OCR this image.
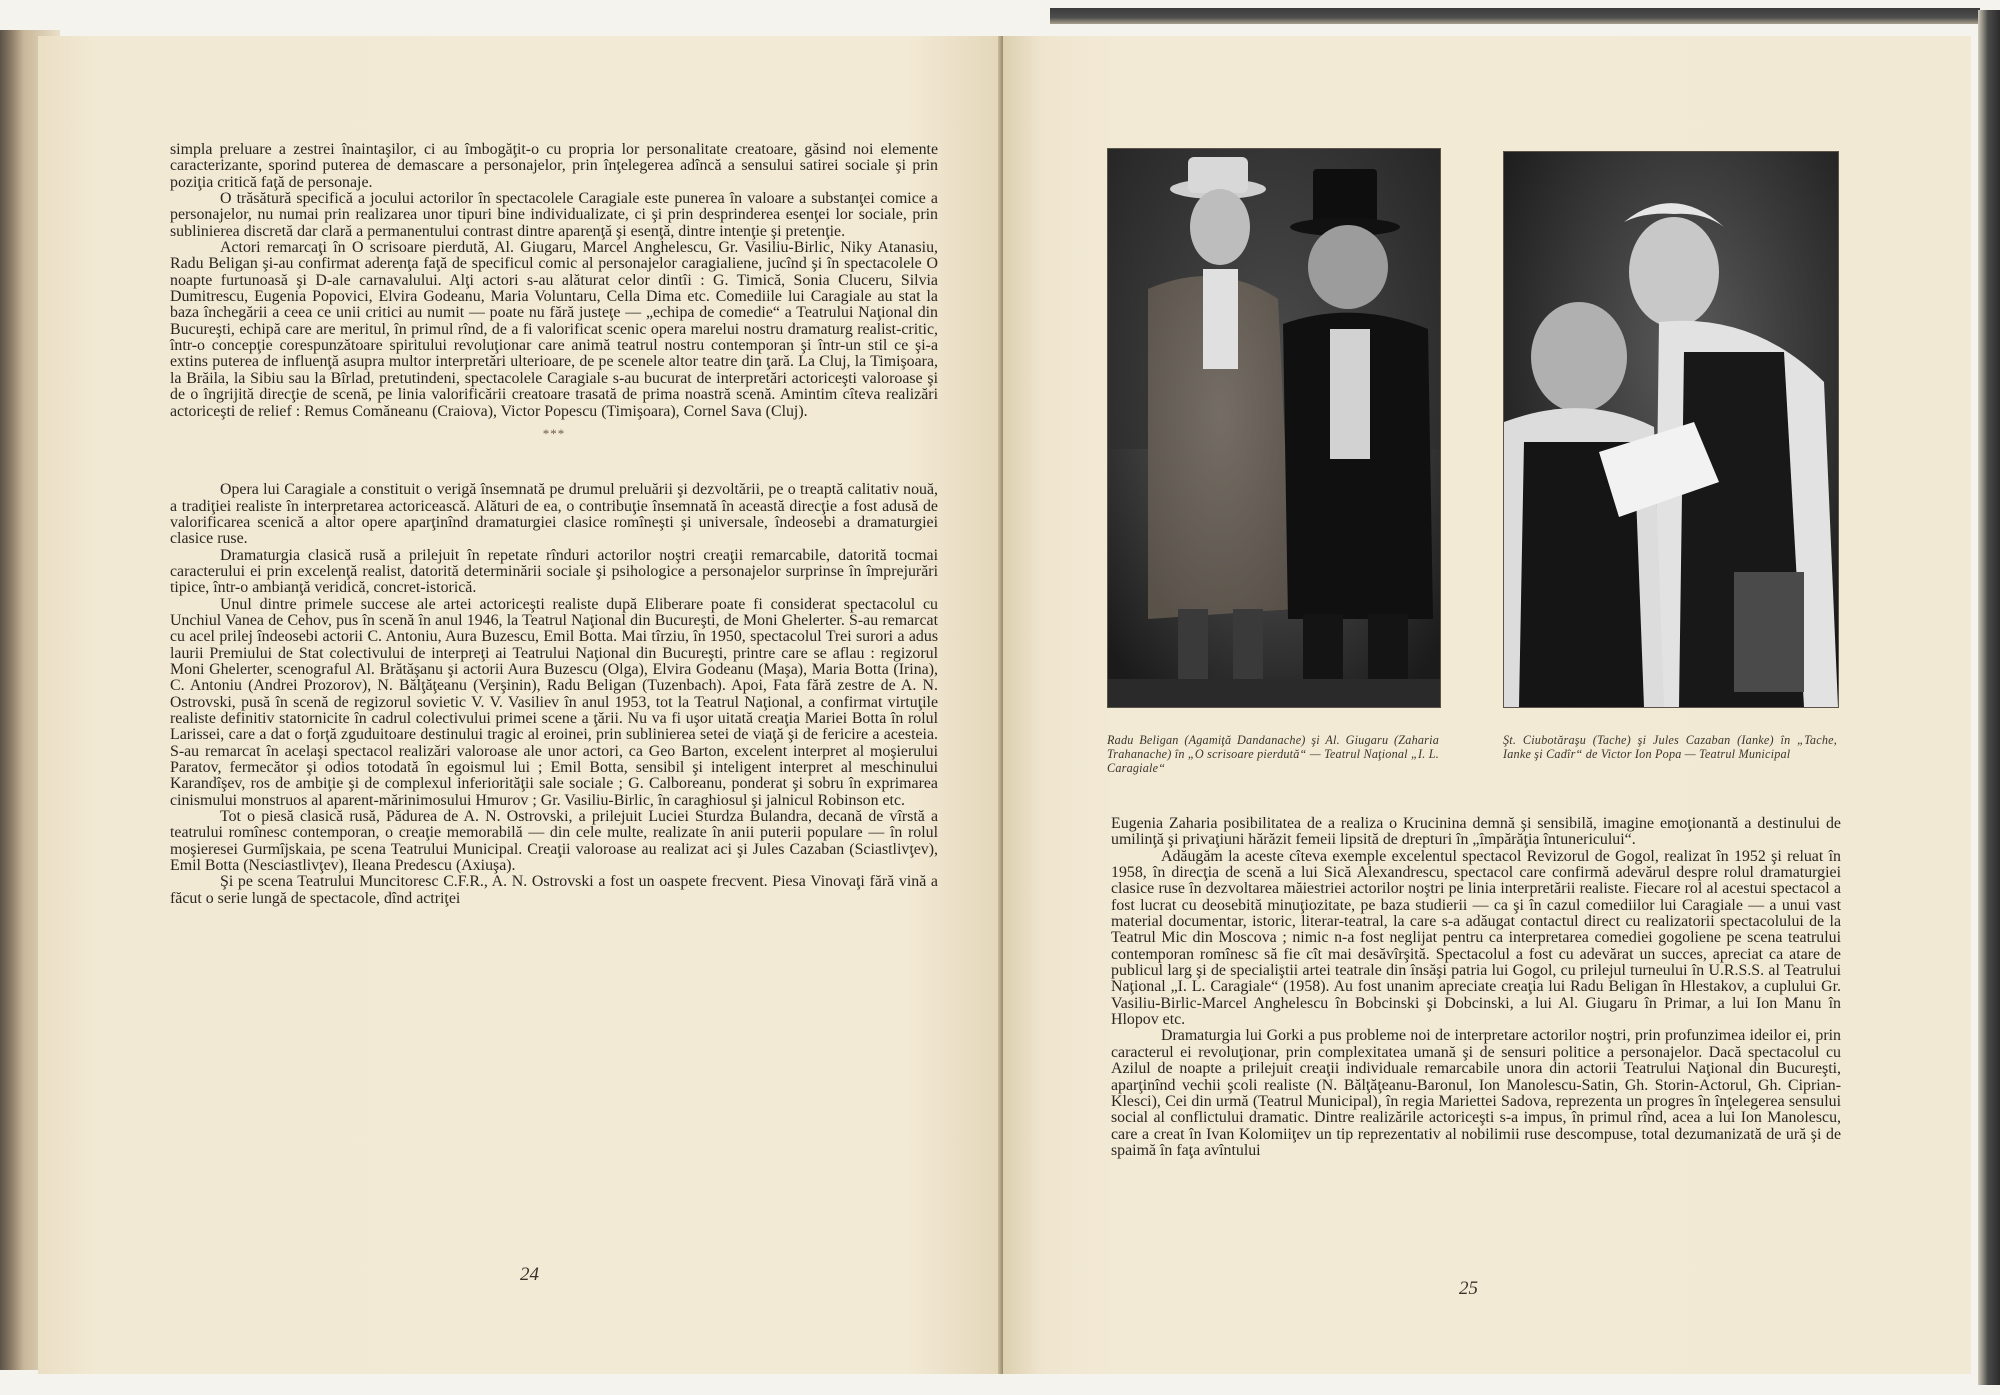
simpla preluare a zestrei înaintaşilor, ci au îmbogăţit-o cu propria lor personalitate creatoare, găsind noi elemente caracterizante, sporind puterea de demascare a personajelor, prin înţelegerea adîncă a sensului satirei sociale şi prin poziţia critică faţă de personaje.

O trăsătură specifică a jocului actorilor în spectacolele Caragiale este punerea în valoare a substanţei comice a personajelor, nu numai prin realizarea unor tipuri bine individualizate, ci şi prin desprinderea esenţei lor sociale, prin sublinierea discretă dar clară a permanentului contrast dintre aparenţă şi esenţă, dintre intenţie şi pretenţie.

Actori remarcaţi în O scrisoare pierdută, Al. Giugaru, Marcel Anghelescu, Gr. Vasiliu-Birlic, Niky Atanasiu, Radu Beligan şi-au confirmat aderenţa faţă de specificul comic al personajelor caragialiene, jucînd şi în spectacolele O noapte furtunoasă şi D-ale carnavalului. Alţi actori s-au alăturat celor dintîi : G. Timică, Sonia Cluceru, Silvia Dumitrescu, Eugenia Popovici, Elvira Godeanu, Maria Voluntaru, Cella Dima etc. Comediile lui Caragiale au stat la baza închegării a ceea ce unii critici au numit — poate nu fără justeţe — „echipa de comedie“ a Teatrului Naţional din Bucureşti, echipă care are meritul, în primul rînd, de a fi valorificat scenic opera marelui nostru dramaturg realist-critic, într-o concepţie corespunzătoare spiritului revoluţionar care animă teatrul nostru contemporan şi într-un stil ce şi-a extins puterea de influenţă asupra multor interpretări ulterioare, de pe scenele altor teatre din ţară. La Cluj, la Timişoara, la Brăila, la Sibiu sau la Bîrlad, pretutindeni, spectacolele Caragiale s-au bucurat de interpretări actoriceşti valoroase şi de o îngrijită direcţie de scenă, pe linia valorificării creatoare trasată de prima noastră scenă. Amintim cîteva realizări actoriceşti de relief : Remus Comăneanu (Craiova), Victor Popescu (Timişoara), Cornel Sava (Cluj).

***

Opera lui Caragiale a constituit o verigă însemnată pe drumul preluării şi dezvoltării, pe o treaptă calitativ nouă, a tradiţiei realiste în interpretarea actoricească. Alături de ea, o contribuţie însemnată în această direcţie a fost adusă de valorificarea scenică a altor opere aparţinînd dramaturgiei clasice romîneşti şi universale, îndeosebi a dramaturgiei clasice ruse.

Dramaturgia clasică rusă a prilejuit în repetate rînduri actorilor noştri creaţii remarcabile, datorită tocmai caracterului ei prin excelenţă realist, datorită determinării sociale şi psihologice a personajelor surprinse în împrejurări tipice, într-o ambianţă veridică, concret-istorică.

Unul dintre primele succese ale artei actoriceşti realiste după Eliberare poate fi considerat spectacolul cu Unchiul Vanea de Cehov, pus în scenă în anul 1946, la Teatrul Naţional din Bucureşti, de Moni Ghelerter. S-au remarcat cu acel prilej îndeosebi actorii C. Antoniu, Aura Buzescu, Emil Botta. Mai tîrziu, în 1950, spectacolul Trei surori a adus laurii Premiului de Stat colectivului de interpreţi ai Teatrului Naţional din Bucureşti, printre care se aflau : regizorul Moni Ghelerter, scenograful Al. Brătăşanu şi actorii Aura Buzescu (Olga), Elvira Godeanu (Maşa), Maria Botta (Irina), C. Antoniu (Andrei Prozorov), N. Bălţăţeanu (Verşinin), Radu Beligan (Tuzenbach). Apoi, Fata fără zestre de A. N. Ostrovski, pusă în scenă de regizorul sovietic V. V. Vasiliev în anul 1953, tot la Teatrul Naţional, a confirmat virtuţile realiste definitiv statornicite în cadrul colectivului primei scene a ţării. Nu va fi uşor uitată creaţia Mariei Botta în rolul Larissei, care a dat o forţă zguduitoare destinului tragic al eroinei, prin sublinierea setei de viaţă şi de fericire a acesteia. S-au remarcat în acelaşi spectacol realizări valoroase ale unor actori, ca Geo Barton, excelent interpret al moşierului Paratov, fermecător şi odios totodată în egoismul lui ; Emil Botta, sensibil şi inteligent interpret al meschinului Karandîşev, ros de ambiţie şi de complexul inferiorităţii sale sociale ; G. Calboreanu, ponderat şi sobru în exprimarea cinismului monstruos al aparent-mărinimosului Hmurov ; Gr. Vasiliu-Birlic, în caraghiosul şi jalnicul Robinson etc.

Tot o piesă clasică rusă, Pădurea de A. N. Ostrovski, a prilejuit Luciei Sturdza Bulandra, decană de vîrstă a teatrului romînesc contemporan, o creaţie memorabilă — din cele multe, realizate în anii puterii populare — în rolul moşieresei Gurmîjskaia, pe scena Teatrului Municipal. Creaţii valoroase au realizat aci şi Jules Cazaban (Sciastlivţev), Emil Botta (Nesciastlivţev), Ileana Predescu (Axiuşa).

Şi pe scena Teatrului Muncitoresc C.F.R., A. N. Ostrovski a fost un oaspete frecvent. Piesa Vinovaţi fără vină a făcut o serie lungă de spectacole, dînd actriţei

24
Radu Beligan (Agamiţă Dandanache) şi Al. Giugaru (Zaharia Trahanache) în „O scrisoare pierdută“ — Teatrul Naţional „I. L. Caragiale“
Şt. Ciubotăraşu (Tache) şi Jules Cazaban (Ianke) în „Tache, Ianke şi Cadîr“ de Victor Ion Popa — Teatrul Municipal

Eugenia Zaharia posibilitatea de a realiza o Krucinina demnă şi sensibilă, imagine emoţionantă a destinului de umilinţă şi privaţiuni hărăzit femeii lipsită de drepturi în „împărăţia întunericului“.

Adăugăm la aceste cîteva exemple excelentul spectacol Revizorul de Gogol, realizat în 1952 şi reluat în 1958, în direcţia de scenă a lui Sică Alexandrescu, spectacol care confirmă adevărul despre rolul dramaturgiei clasice ruse în dezvoltarea măiestriei actorilor noştri pe linia interpretării realiste. Fiecare rol al acestui spectacol a fost lucrat cu deosebită minuţiozitate, pe baza studierii — ca şi în cazul comediilor lui Caragiale — a unui vast material documentar, istoric, literar-teatral, la care s-a adăugat contactul direct cu realizatorii spectacolului de la Teatrul Mic din Moscova ; nimic n-a fost neglijat pentru ca interpretarea comediei gogoliene pe scena teatrului contemporan romînesc să fie cît mai desăvîrşită. Spectacolul a fost cu adevărat un succes, apreciat ca atare de publicul larg şi de specialiştii artei teatrale din însăşi patria lui Gogol, cu prilejul turneului în U.R.S.S. al Teatrului Naţional „I. L. Caragiale“ (1958). Au fost unanim apreciate creaţia lui Radu Beligan în Hlestakov, a cuplului Gr. Vasiliu-Birlic-Marcel Anghelescu în Bobcinski şi Dobcinski, a lui Al. Giugaru în Primar, a lui Ion Manu în Hlopov etc.

Dramaturgia lui Gorki a pus probleme noi de interpretare actorilor noştri, prin profunzimea ideilor ei, prin caracterul ei revoluţionar, prin complexitatea umană şi de sensuri politice a personajelor. Dacă spectacolul cu Azilul de noapte a prilejuit creaţii individuale remarcabile unora din actorii Teatrului Naţional din Bucureşti, aparţinînd vechii şcoli realiste (N. Bălţăţeanu-Baronul, Ion Manolescu-Satin, Gh. Storin-Actorul, Gh. Ciprian-Klesci), Cei din urmă (Teatrul Municipal), în regia Mariettei Sadova, reprezenta un progres în înţelegerea sensului social al conflictului dramatic. Dintre realizările actoriceşti s-a impus, în primul rînd, acea a lui Ion Manolescu, care a creat în Ivan Kolomiiţev un tip reprezentativ al nobilimii ruse descompuse, total dezumanizată de ură şi de spaimă în faţa avîntului

25
